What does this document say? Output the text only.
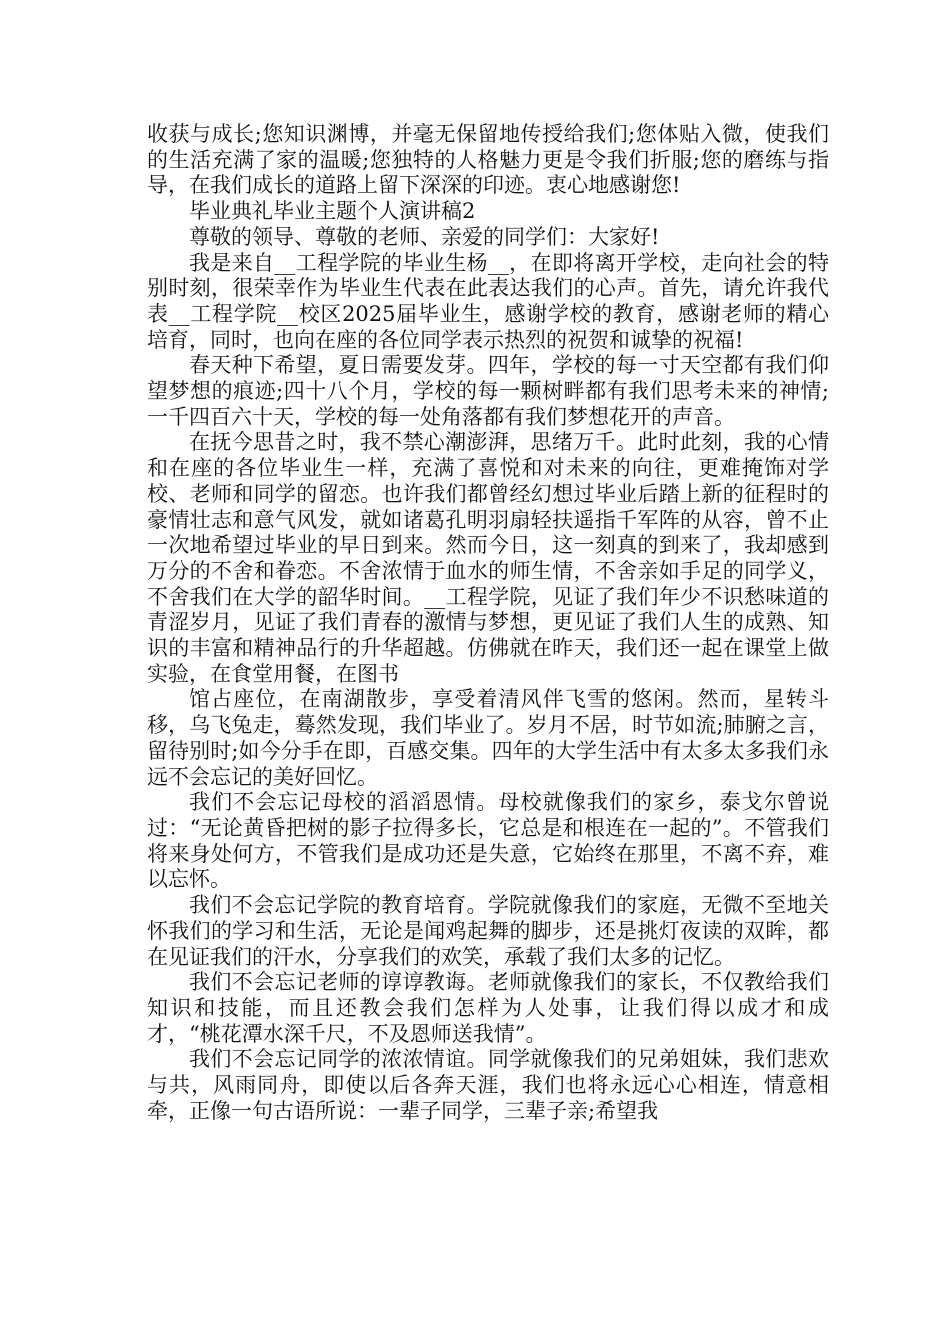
收获与成长;您知识渊博，并毫无保留地传授给我们;您体贴入微，使我们的生活充满了家的温暖;您独特的人格魅力更是令我们折服;您的磨练与指导，在我们成长的道路上留下深深的印迹。衷心地感谢您!

毕业典礼毕业主题个人演讲稿2

尊敬的领导、尊敬的老师、亲爱的同学们：大家好!

我是来自__工程学院的毕业生杨__，在即将离开学校，走向社会的特别时刻，很荣幸作为毕业生代表在此表达我们的心声。首先，请允许我代表__工程学院__校区2025届毕业生，感谢学校的教育，感谢老师的精心培育，同时，也向在座的各位同学表示热烈的祝贺和诚挚的祝福!

春天种下希望，夏日需要发芽。四年，学校的每一寸天空都有我们仰望梦想的痕迹;四十八个月，学校的每一颗树畔都有我们思考未来的神情;一千四百六十天，学校的每一处角落都有我们梦想花开的声音。

在抚今思昔之时，我不禁心潮澎湃，思绪万千。此时此刻，我的心情和在座的各位毕业生一样，充满了喜悦和对未来的向往，更难掩饰对学校、老师和同学的留恋。也许我们都曾经幻想过毕业后踏上新的征程时的豪情壮志和意气风发，就如诸葛孔明羽扇轻扶遥指千军阵的从容，曾不止一次地希望过毕业的早日到来。然而今日，这一刻真的到来了，我却感到万分的不舍和眷恋。不舍浓情于血水的师生情，不舍亲如手足的同学义，不舍我们在大学的韶华时间。__工程学院，见证了我们年少不识愁味道的青涩岁月，见证了我们青春的激情与梦想，更见证了我们人生的成熟、知识的丰富和精神品行的升华超越。仿佛就在昨天，我们还一起在课堂上做实验，在食堂用餐，在图书

馆占座位，在南湖散步，享受着清风伴飞雪的悠闲。然而，星转斗移，乌飞兔走，蓦然发现，我们毕业了。岁月不居，时节如流;肺腑之言，留待别时;如今分手在即，百感交集。四年的大学生活中有太多太多我们永远不会忘记的美好回忆。

我们不会忘记母校的滔滔恩情。母校就像我们的家乡，泰戈尔曾说过：“无论黄昏把树的影子拉得多长，它总是和根连在一起的”。不管我们将来身处何方，不管我们是成功还是失意，它始终在那里，不离不弃，难以忘怀。

我们不会忘记学院的教育培育。学院就像我们的家庭，无微不至地关怀我们的学习和生活，无论是闻鸡起舞的脚步，还是挑灯夜读的双眸，都在见证我们的汗水，分享我们的欢笑，承载了我们太多的记忆。

我们不会忘记老师的谆谆教诲。老师就像我们的家长，不仅教给我们知识和技能，而且还教会我们怎样为人处事，让我们得以成才和成才，“桃花潭水深千尺，不及恩师送我情”。

我们不会忘记同学的浓浓情谊。同学就像我们的兄弟姐妹，我们悲欢与共，风雨同舟，即使以后各奔天涯，我们也将永远心心相连，情意相牵，正像一句古语所说：一辈子同学，三辈子亲;希望我
